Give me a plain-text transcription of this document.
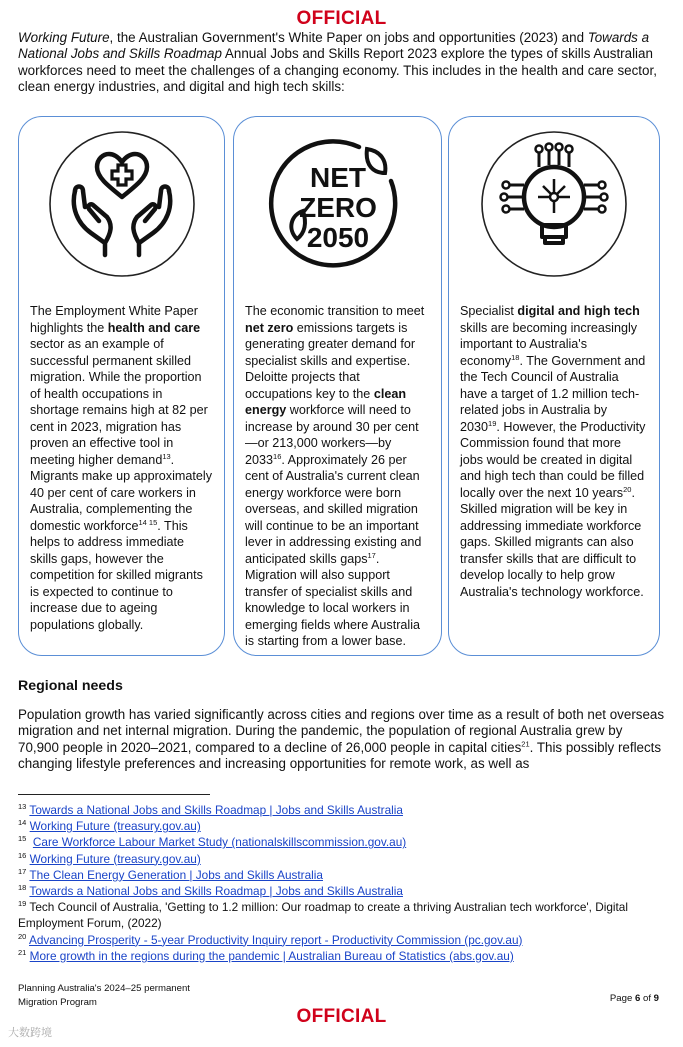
OFFICIAL
Working Future, the Australian Government's White Paper on jobs and opportunities (2023) and Towards a National Jobs and Skills Roadmap Annual Jobs and Skills Report 2023 explore the types of skills Australian workforces need to meet the challenges of a changing economy. This includes in the health and care sector, clean energy industries, and digital and high tech skills:
The Employment White Paper highlights the health and care sector as an example of successful permanent skilled migration. While the proportion of health occupations in shortage remains high at 82 per cent in 2023, migration has proven an effective tool in meeting higher demand$^{13}$. Migrants make up approximately 40 per cent of care workers in Australia, complementing the domestic workforce$^{14 15}$. This helps to address immediate skills gaps, however the competition for skilled migrants is expected to continue to increase due to ageing populations globally.
NET
ZERO
2050
The economic transition to meet net zero emissions targets is generating greater demand for specialist skills and expertise. Deloitte projects that occupations key to the clean energy workforce will need to increase by around 30 per cent—or 213,000 workers—by 2033$^{16}$. Approximately 26 per cent of Australia's current clean energy workforce were born overseas, and skilled migration will continue to be an important lever in addressing existing and anticipated skills gaps$^{17}$. Migration will also support transfer of specialist skills and knowledge to local workers in emerging fields where Australia is starting from a lower base.
Specialist digital and high tech skills are becoming increasingly important to Australia's economy$^{18}$. The Government and the Tech Council of Australia have a target of 1.2 million tech-related jobs in Australia by 2030$^{19}$. However, the Productivity Commission found that more jobs would be created in digital and high tech than could be filled locally over the next 10 years$^{20}$. Skilled migration will be key in addressing immediate workforce gaps. Skilled migrants can also transfer skills that are difficult to develop locally to help grow Australia's technology workforce.
Regional needs
Population growth has varied significantly across cities and regions over time as a result of both net overseas migration and net internal migration. During the pandemic, the population of regional Australia grew by 70,900 people in 2020–2021, compared to a decline of 26,000 people in capital cities$^{21}$. This possibly reflects changing lifestyle preferences and increasing opportunities for remote work, as well as
$^{13}$ Towards a National Jobs and Skills Roadmap | Jobs and Skills Australia
$^{14}$ Working Future (treasury.gov.au)
$^{15}$ Care Workforce Labour Market Study (nationalskillscommission.gov.au)
$^{16}$ Working Future (treasury.gov.au)
$^{17}$ The Clean Energy Generation | Jobs and Skills Australia
$^{18}$ Towards a National Jobs and Skills Roadmap | Jobs and Skills Australia
$^{19}$ Tech Council of Australia, 'Getting to 1.2 million: Our roadmap to create a thriving Australian tech workforce', Digital Employment Forum, (2022)
$^{20}$ Advancing Prosperity - 5-year Productivity Inquiry report - Productivity Commission (pc.gov.au)
$^{21}$ More growth in the regions during the pandemic | Australian Bureau of Statistics (abs.gov.au)
Planning Australia's 2024–25 permanent
Migration Program	Page 6 of 9
OFFICIAL
大数跨境
